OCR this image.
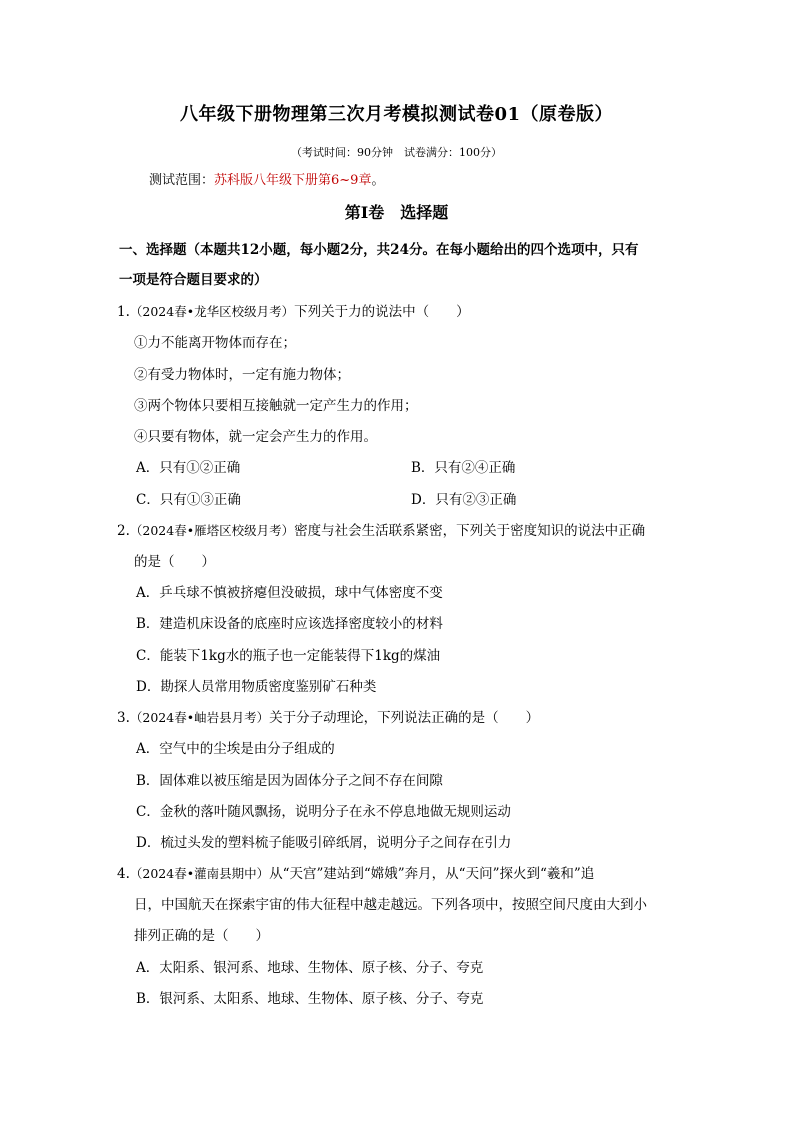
八年级下册物理第三次月考模拟测试卷01（原卷版）
（考试时间：90分钟　试卷满分：100分）
测试范围：苏科版八年级下册第6~9章。
第Ⅰ卷　选择题
一、选择题（本题共12小题，每小题2分，共24分。在每小题给出的四个选项中，只有
一项是符合题目要求的）
1.（2024春•龙华区校级月考）下列关于力的说法中（　　）
①力不能离开物体而存在；
②有受力物体时，一定有施力物体；
③两个物体只要相互接触就一定产生力的作用；
④只要有物体，就一定会产生力的作用。
A．只有①②正确	B．只有②④正确
C．只有①③正确	D．只有②③正确
2.（2024春•雁塔区校级月考）密度与社会生活联系紧密，下列关于密度知识的说法中正确
的是（　　）
A．乒乓球不慎被挤瘪但没破损，球中气体密度不变
B．建造机床设备的底座时应该选择密度较小的材料
C．能装下1kg水的瓶子也一定能装得下1kg的煤油
D．勘探人员常用物质密度鉴别矿石种类
3.（2024春•岫岩县月考）关于分子动理论，下列说法正确的是（　　）
A．空气中的尘埃是由分子组成的
B．固体难以被压缩是因为固体分子之间不存在间隙
C．金秋的落叶随风飘扬，说明分子在永不停息地做无规则运动
D．梳过头发的塑料梳子能吸引碎纸屑，说明分子之间存在引力
4.（2024春•灌南县期中）从“天宫”建站到“嫦娥”奔月，从“天问”探火到“羲和”追
日，中国航天在探索宇宙的伟大征程中越走越远。下列各项中，按照空间尺度由大到小
排列正确的是（　　）
A．太阳系、银河系、地球、生物体、原子核、分子、夸克
B．银河系、太阳系、地球、生物体、原子核、分子、夸克
